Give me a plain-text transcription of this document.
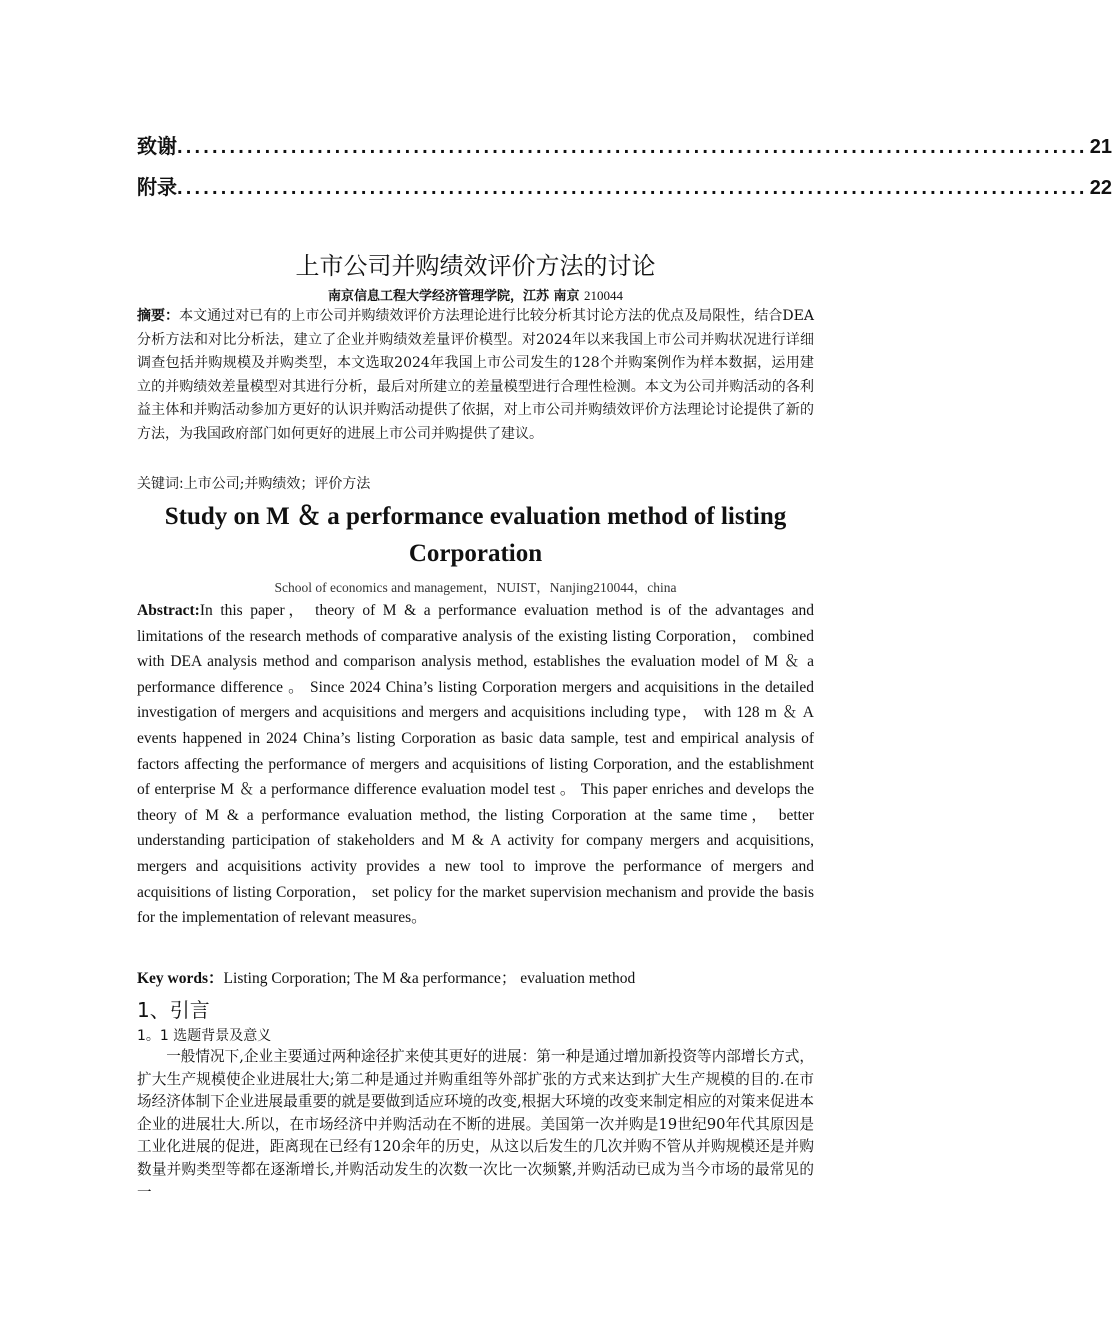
致谢 ........................................................................................................ 21
附录 ........................................................................................................ 22
上市公司并购绩效评价方法的讨论
南京信息工程大学经济管理学院，江苏 南京 210044
摘要：本文通过对已有的上市公司并购绩效评价方法理论进行比较分析其讨论方法的优点及局限性，结合DEA分析方法和对比分析法，建立了企业并购绩效差量评价模型。对2024年以来我国上市公司并购状况进行详细调查包括并购规模及并购类型，本文选取2024年我国上市公司发生的128个并购案例作为样本数据，运用建立的并购绩效差量模型对其进行分析，最后对所建立的差量模型进行合理性检测。本文为公司并购活动的各利益主体和并购活动参加方更好的认识并购活动提供了依据，对上市公司并购绩效评价方法理论讨论提供了新的方法，为我国政府部门如何更好的进展上市公司并购提供了建议。
关键词:上市公司;并购绩效；评价方法
Study on M ＆ a performance evaluation method of listing Corporation
School of economics and management，NUIST，Nanjing210044，china
Abstract:In this paper， theory of M & a performance evaluation method is of the advantages and limitations of the research methods of comparative analysis of the existing listing Corporation， combined with DEA analysis method and comparison analysis method, establishes the evaluation model of M ＆ a performance difference 。 Since 2024 China’s listing Corporation mergers and acquisitions in the detailed investigation of mergers and acquisitions and mergers and acquisitions including type， with 128 m ＆ A events happened in 2024 China’s listing Corporation as basic data sample, test and empirical analysis of factors affecting the performance of mergers and acquisitions of listing Corporation, and the establishment of enterprise M ＆ a performance difference evaluation model test 。 This paper enriches and develops the theory of M & a performance evaluation method, the listing Corporation at the same time， better understanding participation of stakeholders and M & A activity for company mergers and acquisitions, mergers and acquisitions activity provides a new tool to improve the performance of mergers and acquisitions of listing Corporation， set policy for the market supervision mechanism and provide the basis for the implementation of relevant measures。
Key words：Listing Corporation; The M &a performance； evaluation method
1、引言
1。1 选题背景及意义
一般情况下,企业主要通过两种途径扩来使其更好的进展：第一种是通过增加新投资等内部增长方式，扩大生产规模使企业进展壮大;第二种是通过并购重组等外部扩张的方式来达到扩大生产规模的目的.在市场经济体制下企业进展最重要的就是要做到适应环境的改变,根据大环境的改变来制定相应的对策来促进本企业的进展壮大.所以，在市场经济中并购活动在不断的进展。美国第一次并购是19世纪90年代其原因是工业化进展的促进，距离现在已经有120余年的历史，从这以后发生的几次并购不管从并购规模还是并购数量并购类型等都在逐渐增长,并购活动发生的次数一次比一次频繁,并购活动已成为当今市场的最常见的一
